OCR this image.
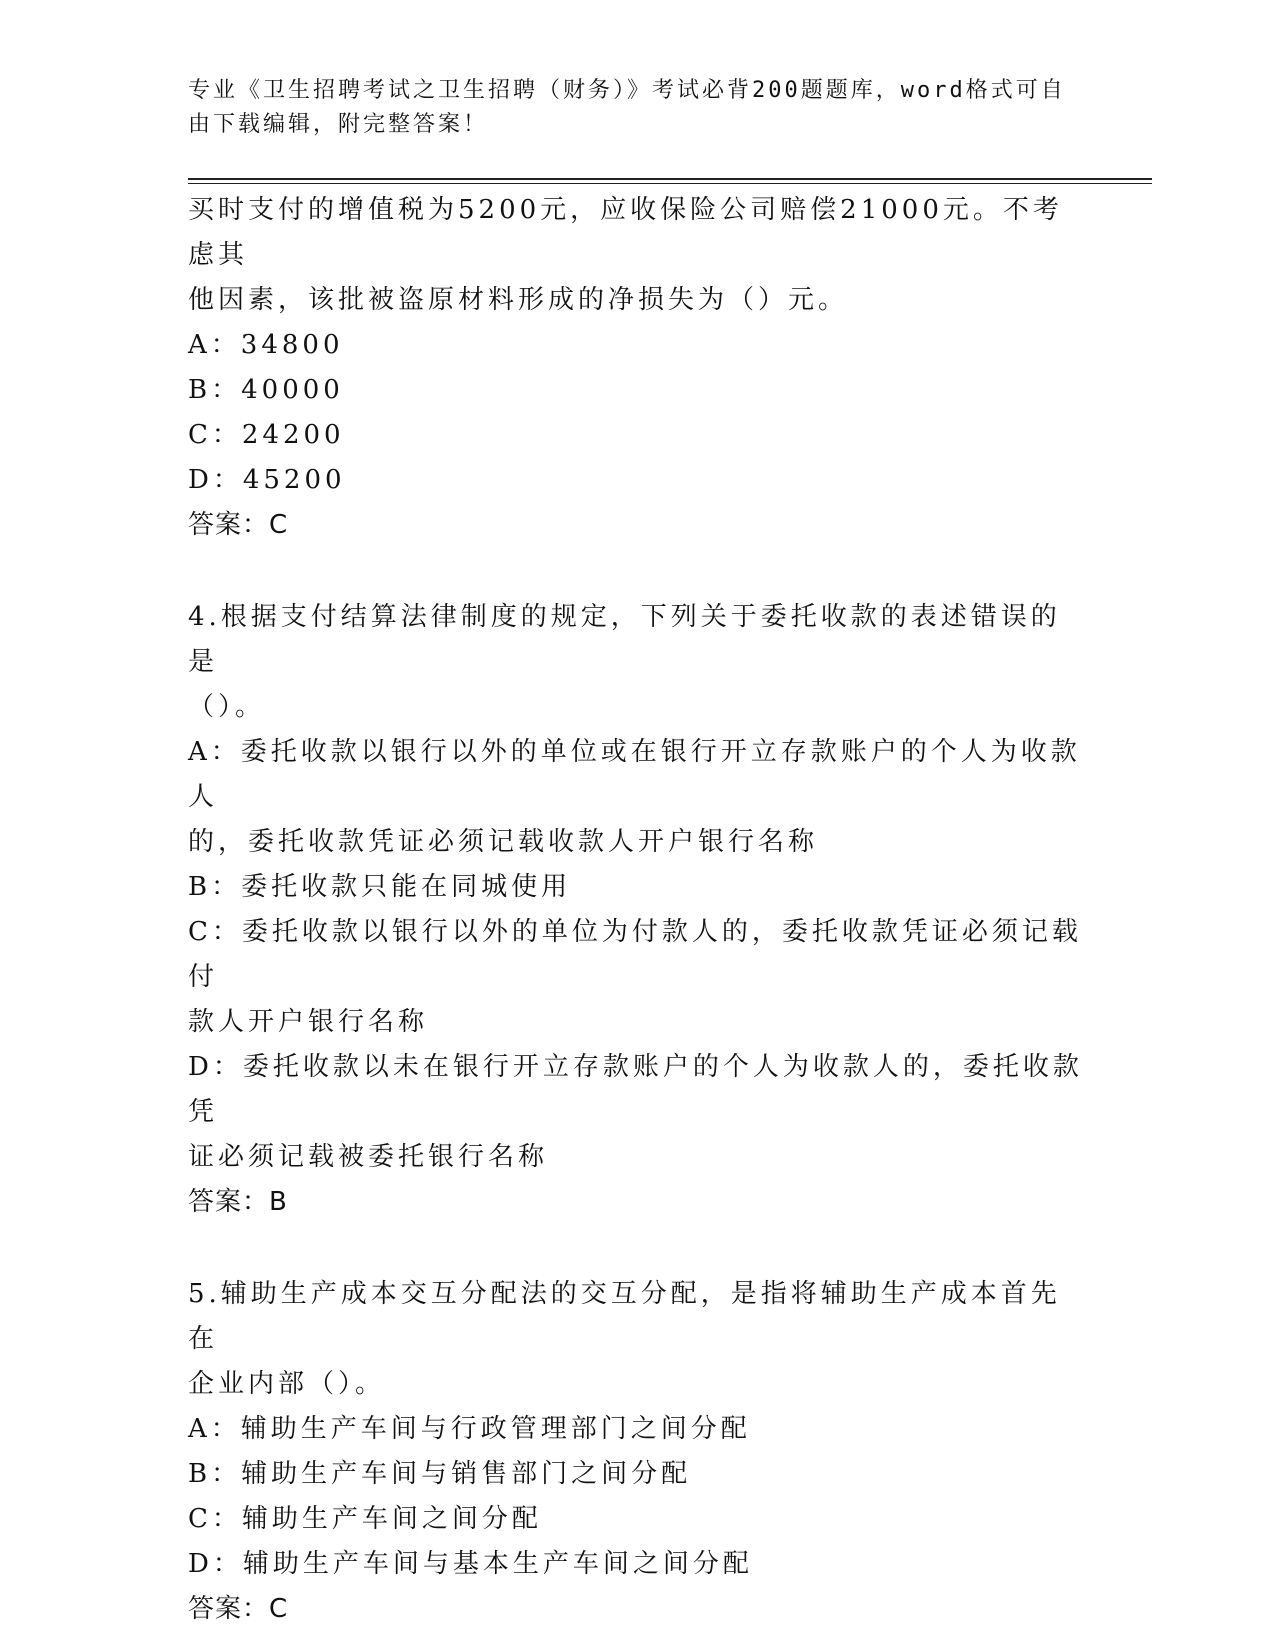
专业《卫生招聘考试之卫生招聘（财务）》考试必背200题题库，word格式可自
由下载编辑，附完整答案！
买时支付的增值税为5200元，应收保险公司赔偿21000元。不考虑其
他因素，该批被盗原材料形成的净损失为（）元。
A：34800
B：40000
C：24200
D：45200
答案：C
4.根据支付结算法律制度的规定，下列关于委托收款的表述错误的是
（）。
A：委托收款以银行以外的单位或在银行开立存款账户的个人为收款人
的，委托收款凭证必须记载收款人开户银行名称
B：委托收款只能在同城使用
C：委托收款以银行以外的单位为付款人的，委托收款凭证必须记载付
款人开户银行名称
D：委托收款以未在银行开立存款账户的个人为收款人的，委托收款凭
证必须记载被委托银行名称
答案：B
5.辅助生产成本交互分配法的交互分配，是指将辅助生产成本首先在
企业内部（）。
A：辅助生产车间与行政管理部门之间分配
B：辅助生产车间与销售部门之间分配
C：辅助生产车间之间分配
D：辅助生产车间与基本生产车间之间分配
答案：C
